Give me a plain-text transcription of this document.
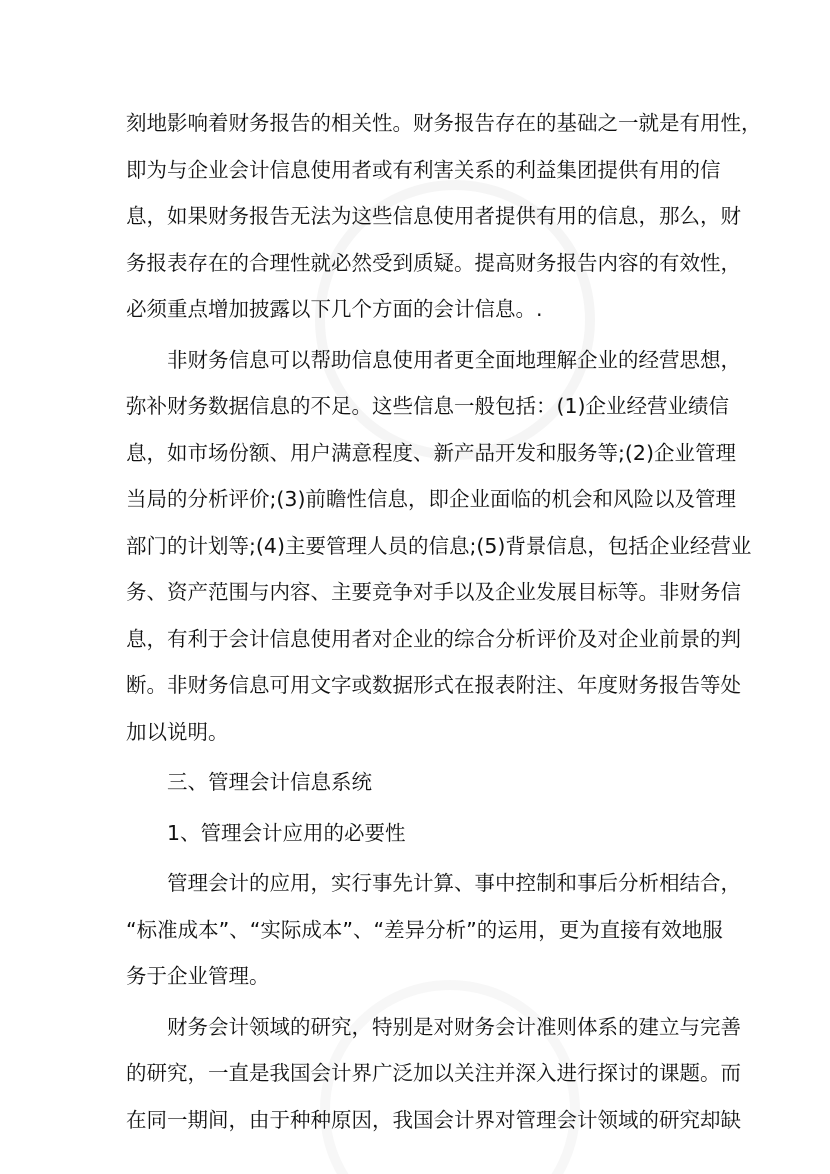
刻地影响着财务报告的相关性。财务报告存在的基础之一就是有用性，
即为与企业会计信息使用者或有利害关系的利益集团提供有用的信
息，如果财务报告无法为这些信息使用者提供有用的信息，那么，财
务报表存在的合理性就必然受到质疑。提高财务报告内容的有效性，
必须重点增加披露以下几个方面的会计信息。.

非财务信息可以帮助信息使用者更全面地理解企业的经营思想，
弥补财务数据信息的不足。这些信息一般包括：(1)企业经营业绩信
息，如市场份额、用户满意程度、新产品开发和服务等;(2)企业管理
当局的分析评价;(3)前瞻性信息，即企业面临的机会和风险以及管理
部门的计划等;(4)主要管理人员的信息;(5)背景信息，包括企业经营业
务、资产范围与内容、主要竞争对手以及企业发展目标等。非财务信
息，有利于会计信息使用者对企业的综合分析评价及对企业前景的判
断。非财务信息可用文字或数据形式在报表附注、年度财务报告等处
加以说明。

三、管理会计信息系统

1、管理会计应用的必要性

管理会计的应用，实行事先计算、事中控制和事后分析相结合，
“标准成本”、“实际成本”、“差异分析”的运用，更为直接有效地服
务于企业管理。

财务会计领域的研究，特别是对财务会计准则体系的建立与完善
的研究，一直是我国会计界广泛加以关注并深入进行探讨的课题。而
在同一期间，由于种种原因，我国会计界对管理会计领域的研究却缺
